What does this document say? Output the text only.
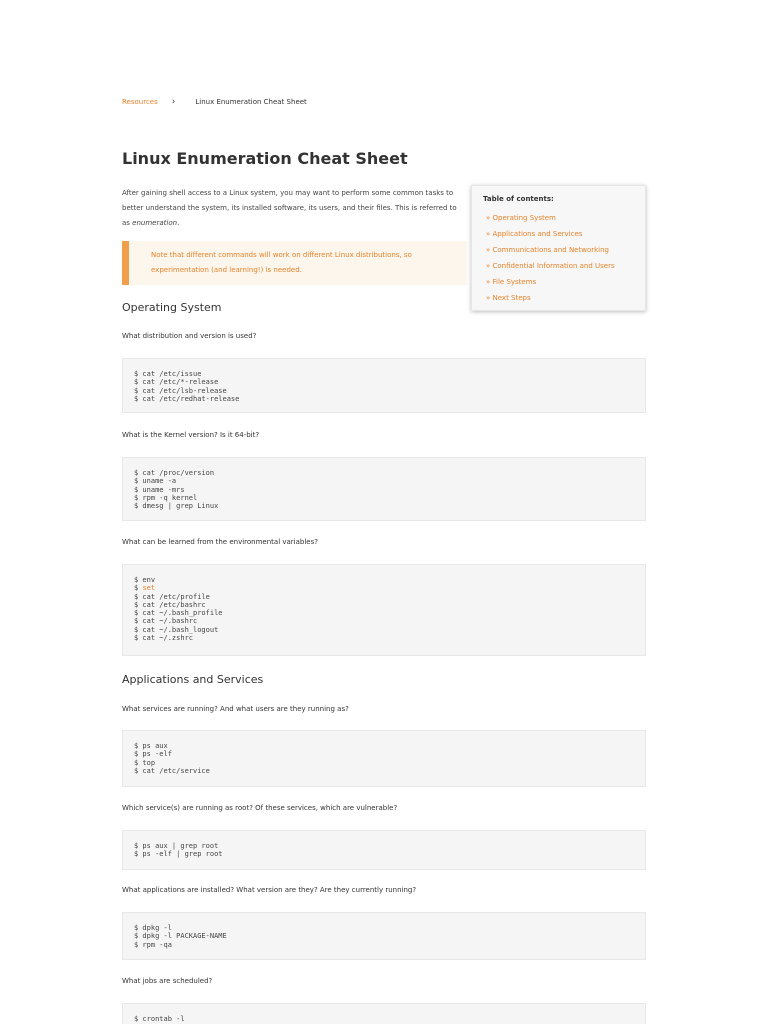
Resources ›	Linux Enumeration Cheat Sheet
Linux Enumeration Cheat Sheet

After gaining shell access to a Linux system, you may want to perform some common tasks to better understand the system, its installed software, its users, and their files. This is referred to as enumeration.

Note that different commands will work on different Linux distributions, so experimentation (and learning!) is needed.
Table of contents:
» Operating System
» Applications and Services
» Communications and Networking
» Confidential Information and Users
» File Systems
» Next Steps
Operating System

What distribution and version is used?

$ cat /etc/issue
$ cat /etc/*-release
$ cat /etc/lsb-release
$ cat /etc/redhat-release

What is the Kernel version? Is it 64-bit?

$ cat /proc/version
$ uname -a
$ uname -mrs
$ rpm -q kernel
$ dmesg | grep Linux

What can be learned from the environmental variables?

$ env
$ set
$ cat /etc/profile
$ cat /etc/bashrc
$ cat ~/.bash_profile
$ cat ~/.bashrc
$ cat ~/.bash_logout
$ cat ~/.zshrc
Applications and Services

What services are running? And what users are they running as?

$ ps aux
$ ps -elf
$ top
$ cat /etc/service

Which service(s) are running as root? Of these services, which are vulnerable?

$ ps aux | grep root
$ ps -elf | grep root

What applications are installed? What version are they? Are they currently running?

$ dpkg -l
$ dpkg -l PACKAGE-NAME
$ rpm -qa

What jobs are scheduled?

$ crontab -l
